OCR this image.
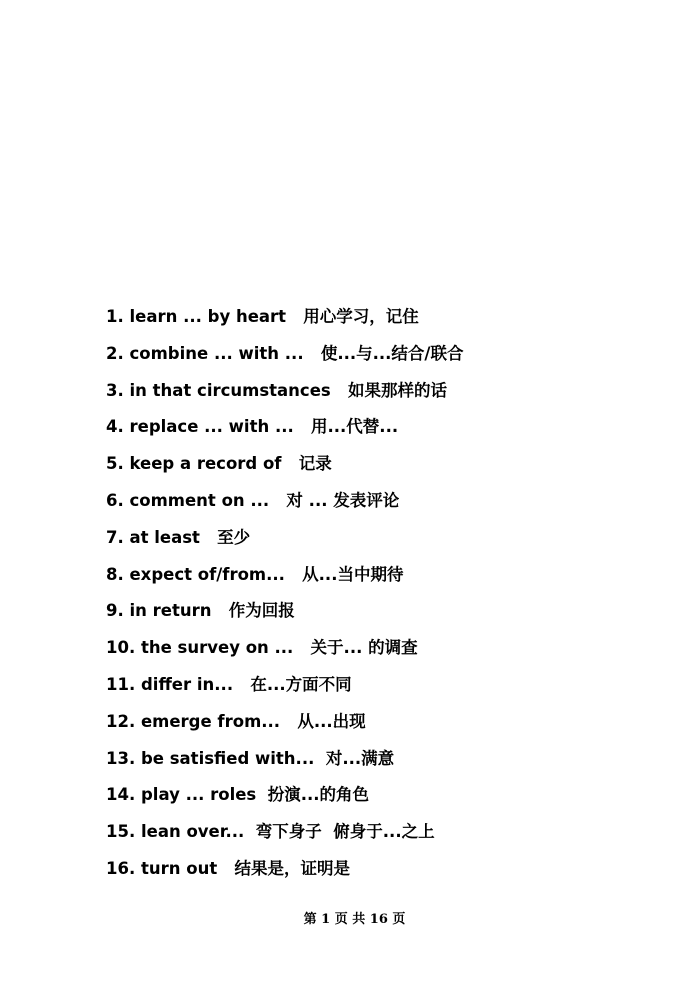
1. learn ... by heart   用心学习，记住
2. combine ... with ...   使...与...结合/联合
3. in that circumstances   如果那样的话
4. replace ... with ...   用...代替...
5. keep a record of   记录
6. comment on ...   对 ... 发表评论
7. at least   至少
8. expect of/from...   从...当中期待
9. in return   作为回报
10. the survey on ...   关于... 的调查
11. differ in...   在...方面不同
12. emerge from...   从...出现
13. be satisfied with...  对...满意
14. play ... roles  扮演...的角色
15. lean over...  弯下身子  俯身于...之上
16. turn out   结果是，证明是

第 1 页 共 16 页
